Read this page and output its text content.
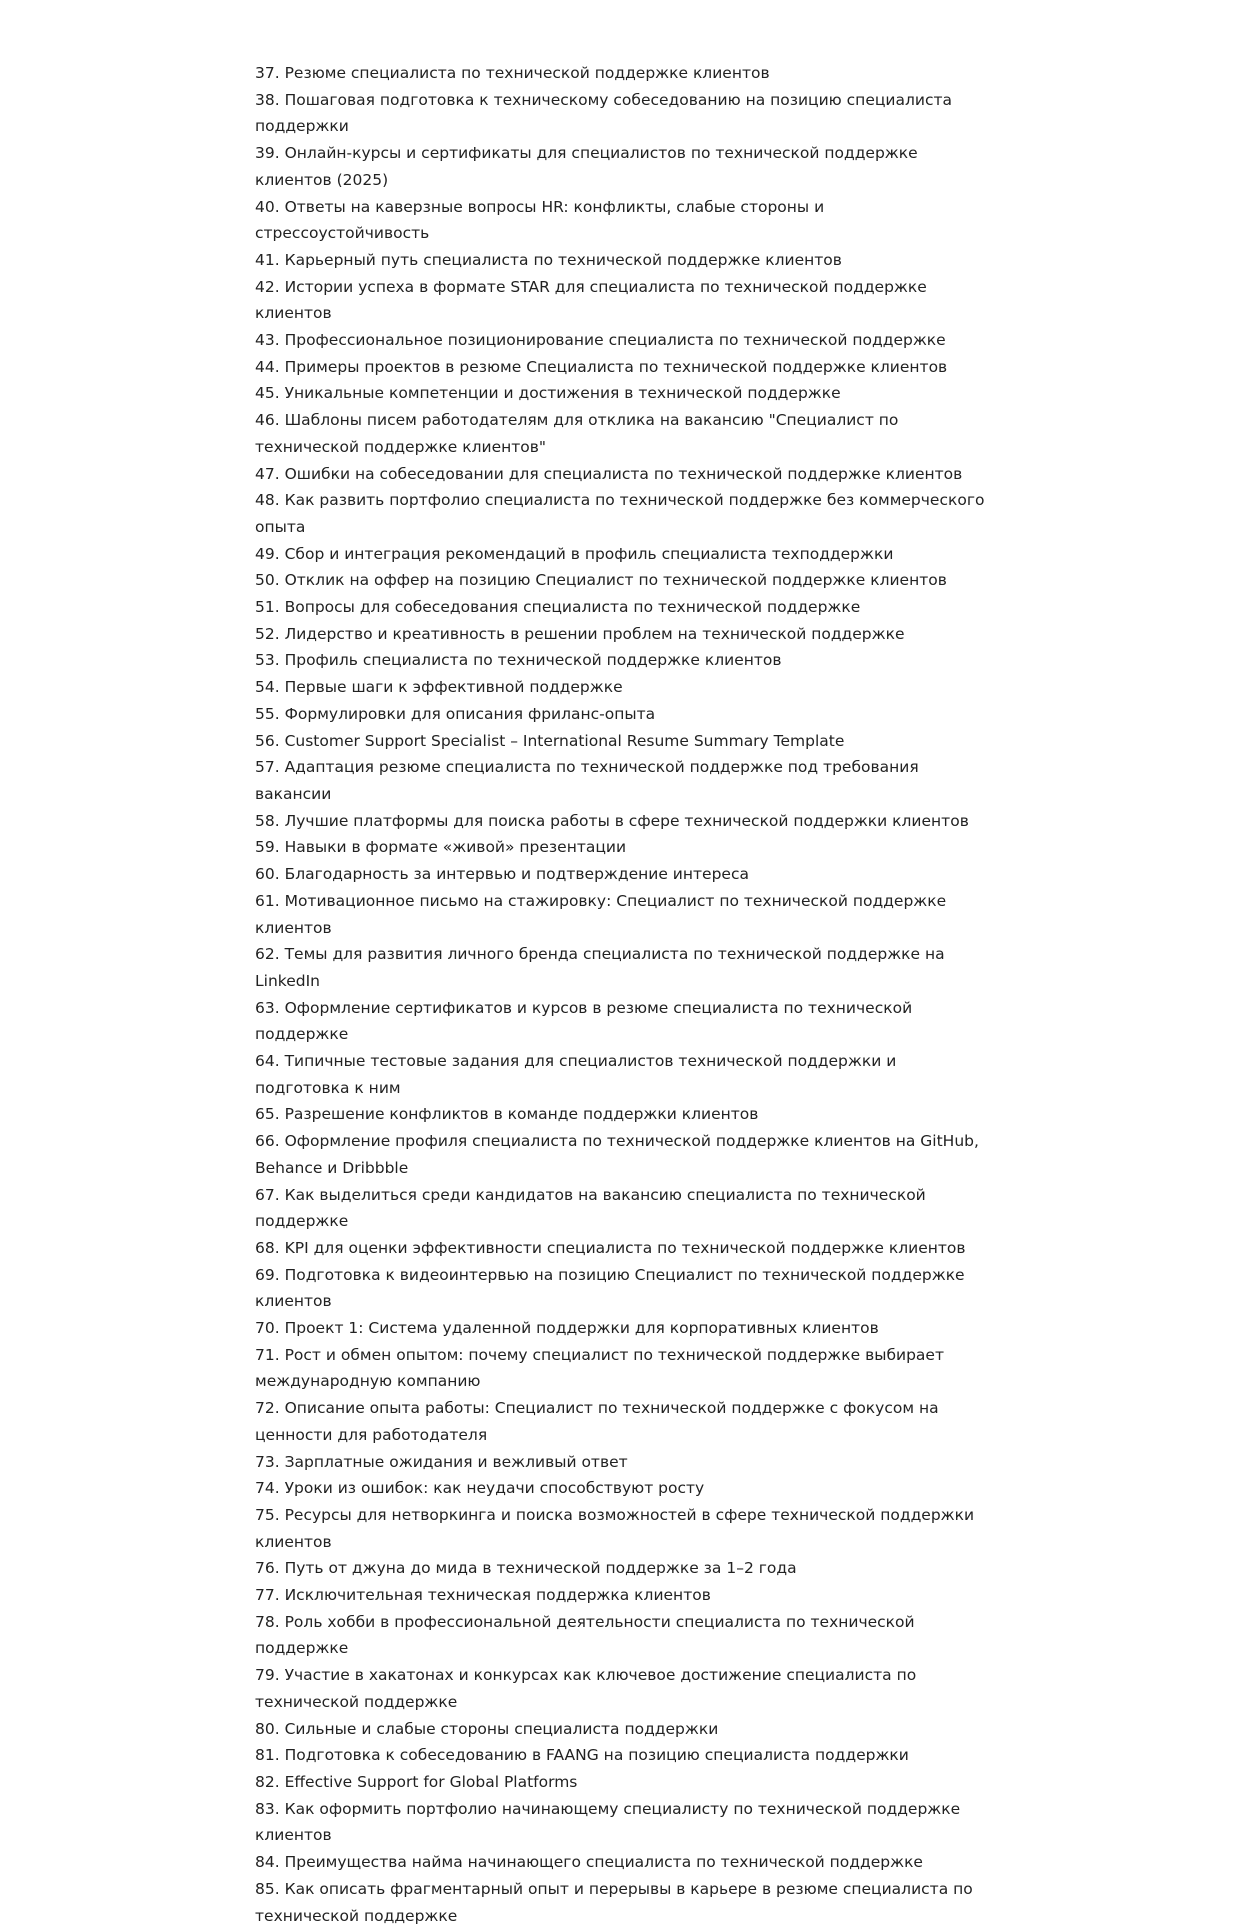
37. Резюме специалиста по технической поддержке клиентов
38. Пошаговая подготовка к техническому собеседованию на позицию специалиста поддержки
39. Онлайн-курсы и сертификаты для специалистов по технической поддержке клиентов (2025)
40. Ответы на каверзные вопросы HR: конфликты, слабые стороны и стрессоустойчивость
41. Карьерный путь специалиста по технической поддержке клиентов
42. Истории успеха в формате STAR для специалиста по технической поддержке клиентов
43. Профессиональное позиционирование специалиста по технической поддержке
44. Примеры проектов в резюме Специалиста по технической поддержке клиентов
45. Уникальные компетенции и достижения в технической поддержке
46. Шаблоны писем работодателям для отклика на вакансию "Специалист по технической поддержке клиентов"
47. Ошибки на собеседовании для специалиста по технической поддержке клиентов
48. Как развить портфолио специалиста по технической поддержке без коммерческого опыта
49. Сбор и интеграция рекомендаций в профиль специалиста техподдержки
50. Отклик на оффер на позицию Специалист по технической поддержке клиентов
51. Вопросы для собеседования специалиста по технической поддержке
52. Лидерство и креативность в решении проблем на технической поддержке
53. Профиль специалиста по технической поддержке клиентов
54. Первые шаги к эффективной поддержке
55. Формулировки для описания фриланс-опыта
56. Customer Support Specialist – International Resume Summary Template
57. Адаптация резюме специалиста по технической поддержке под требования вакансии
58. Лучшие платформы для поиска работы в сфере технической поддержки клиентов
59. Навыки в формате «живой» презентации
60. Благодарность за интервью и подтверждение интереса
61. Мотивационное письмо на стажировку: Специалист по технической поддержке клиентов
62. Темы для развития личного бренда специалиста по технической поддержке на LinkedIn
63. Оформление сертификатов и курсов в резюме специалиста по технической поддержке
64. Типичные тестовые задания для специалистов технической поддержки и подготовка к ним
65. Разрешение конфликтов в команде поддержки клиентов
66. Оформление профиля специалиста по технической поддержке клиентов на GitHub, Behance и Dribbble
67. Как выделиться среди кандидатов на вакансию специалиста по технической поддержке
68. KPI для оценки эффективности специалиста по технической поддержке клиентов
69. Подготовка к видеоинтервью на позицию Специалист по технической поддержке клиентов
70. Проект 1: Система удаленной поддержки для корпоративных клиентов
71. Рост и обмен опытом: почему специалист по технической поддержке выбирает международную компанию
72. Описание опыта работы: Специалист по технической поддержке с фокусом на ценности для работодателя
73. Зарплатные ожидания и вежливый ответ
74. Уроки из ошибок: как неудачи способствуют росту
75. Ресурсы для нетворкинга и поиска возможностей в сфере технической поддержки клиентов
76. Путь от джуна до мида в технической поддержке за 1–2 года
77. Исключительная техническая поддержка клиентов
78. Роль хобби в профессиональной деятельности специалиста по технической поддержке
79. Участие в хакатонах и конкурсах как ключевое достижение специалиста по технической поддержке
80. Сильные и слабые стороны специалиста поддержки
81. Подготовка к собеседованию в FAANG на позицию специалиста поддержки
82. Effective Support for Global Platforms
83. Как оформить портфолио начинающему специалисту по технической поддержке клиентов
84. Преимущества найма начинающего специалиста по технической поддержке
85. Как описать фрагментарный опыт и перерывы в карьере в резюме специалиста по технической поддержке
